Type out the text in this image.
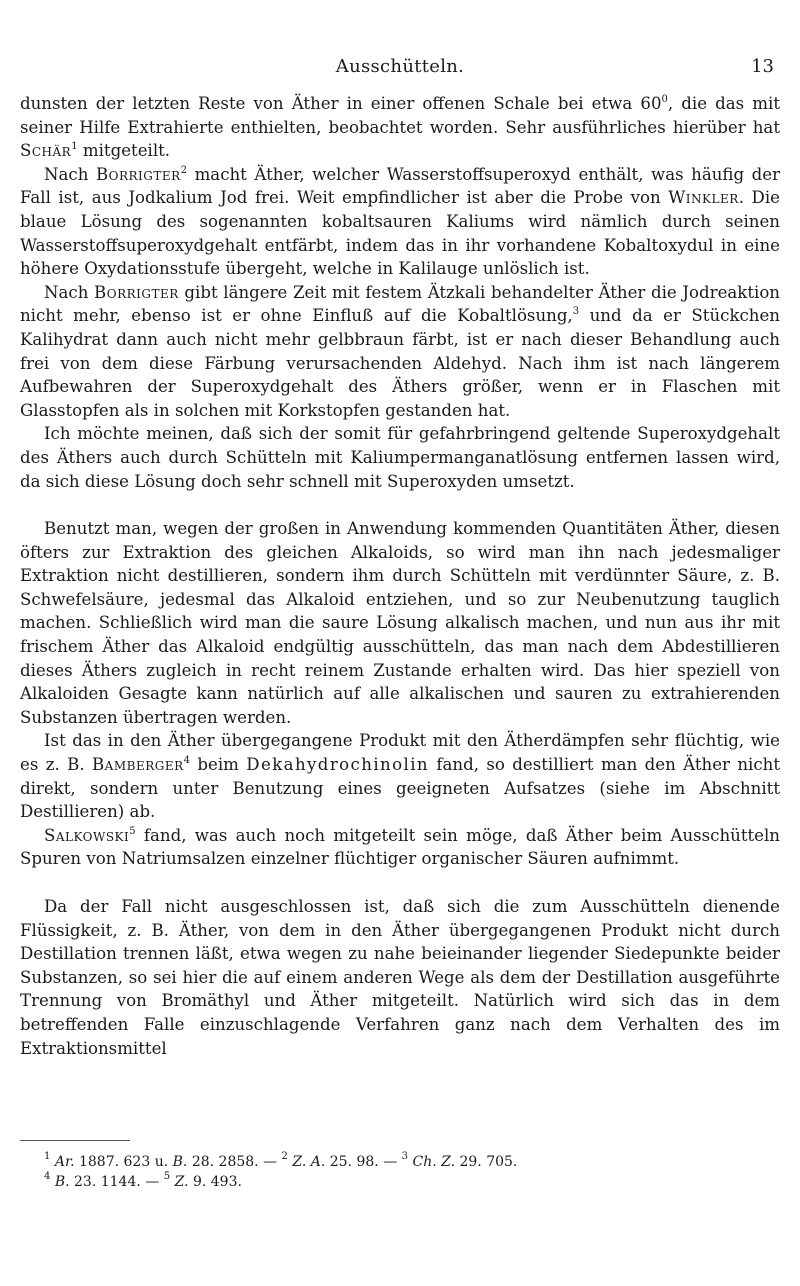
Ausschütteln.	13

dunsten der letzten Reste von Äther in einer offenen Schale bei etwa $60^0$, die das mit seiner Hilfe Extrahierte enthielten, beobachtet worden. Sehr ausführliches hierüber hat Schär$^1$ mitgeteilt.

Nach Borrigter$^2$ macht Äther, welcher Wasserstoffsuperoxyd enthält, was häufig der Fall ist, aus Jodkalium Jod frei. Weit empfindlicher ist aber die Probe von Winkler. Die blaue Lösung des sogenannten kobaltsauren Kaliums wird nämlich durch seinen Wasserstoffsuperoxydgehalt entfärbt, indem das in ihr vorhandene Kobaltoxydul in eine höhere Oxydationsstufe übergeht, welche in Kalilauge unlöslich ist.

Nach Borrigter gibt längere Zeit mit festem Ätzkali behandelter Äther die Jodreaktion nicht mehr, ebenso ist er ohne Einfluß auf die Kobaltlösung,$^3$ und da er Stückchen Kalihydrat dann auch nicht mehr gelbbraun färbt, ist er nach dieser Behandlung auch frei von dem diese Färbung verursachenden Aldehyd. Nach ihm ist nach längerem Aufbewahren der Superoxydgehalt des Äthers größer, wenn er in Flaschen mit Glasstopfen als in solchen mit Korkstopfen gestanden hat.

Ich möchte meinen, daß sich der somit für gefahrbringend geltende Superoxydgehalt des Äthers auch durch Schütteln mit Kaliumpermanganatlösung entfernen lassen wird, da sich diese Lösung doch sehr schnell mit Superoxyden umsetzt.

Benutzt man, wegen der großen in Anwendung kommenden Quantitäten Äther, diesen öfters zur Extraktion des gleichen Alkaloids, so wird man ihn nach jedesmaliger Extraktion nicht destillieren, sondern ihm durch Schütteln mit verdünnter Säure, z. B. Schwefelsäure, jedesmal das Alkaloid entziehen, und so zur Neubenutzung tauglich machen. Schließlich wird man die saure Lösung alkalisch machen, und nun aus ihr mit frischem Äther das Alkaloid endgültig ausschütteln, das man nach dem Abdestillieren dieses Äthers zugleich in recht reinem Zustande erhalten wird. Das hier speziell von Alkaloiden Gesagte kann natürlich auf alle alkalischen und sauren zu extrahierenden Substanzen übertragen werden.

Ist das in den Äther übergegangene Produkt mit den Ätherdämpfen sehr flüchtig, wie es z. B. Bamberger$^4$ beim Dekahydrochinolin fand, so destilliert man den Äther nicht direkt, sondern unter Benutzung eines geeigneten Aufsatzes (siehe im Abschnitt Destillieren) ab.

Salkowski$^5$ fand, was auch noch mitgeteilt sein möge, daß Äther beim Ausschütteln Spuren von Natriumsalzen einzelner flüchtiger organischer Säuren aufnimmt.

Da der Fall nicht ausgeschlossen ist, daß sich die zum Ausschütteln dienende Flüssigkeit, z. B. Äther, von dem in den Äther übergegangenen Produkt nicht durch Destillation trennen läßt, etwa wegen zu nahe beieinander liegender Siedepunkte beider Substanzen, so sei hier die auf einem anderen Wege als dem der Destillation ausgeführte Trennung von Bromäthyl und Äther mitgeteilt. Natürlich wird sich das in dem betreffenden Falle einzuschlagende Verfahren ganz nach dem Verhalten des im Extraktionsmittel

$^1$ Ar. 1887. 623 u. B. 28. 2858. — $^2$ Z. A. 25. 98. — $^3$ Ch. Z. 29. 705.

$^4$ B. 23. 1144. — $^5$ Z. 9. 493.
